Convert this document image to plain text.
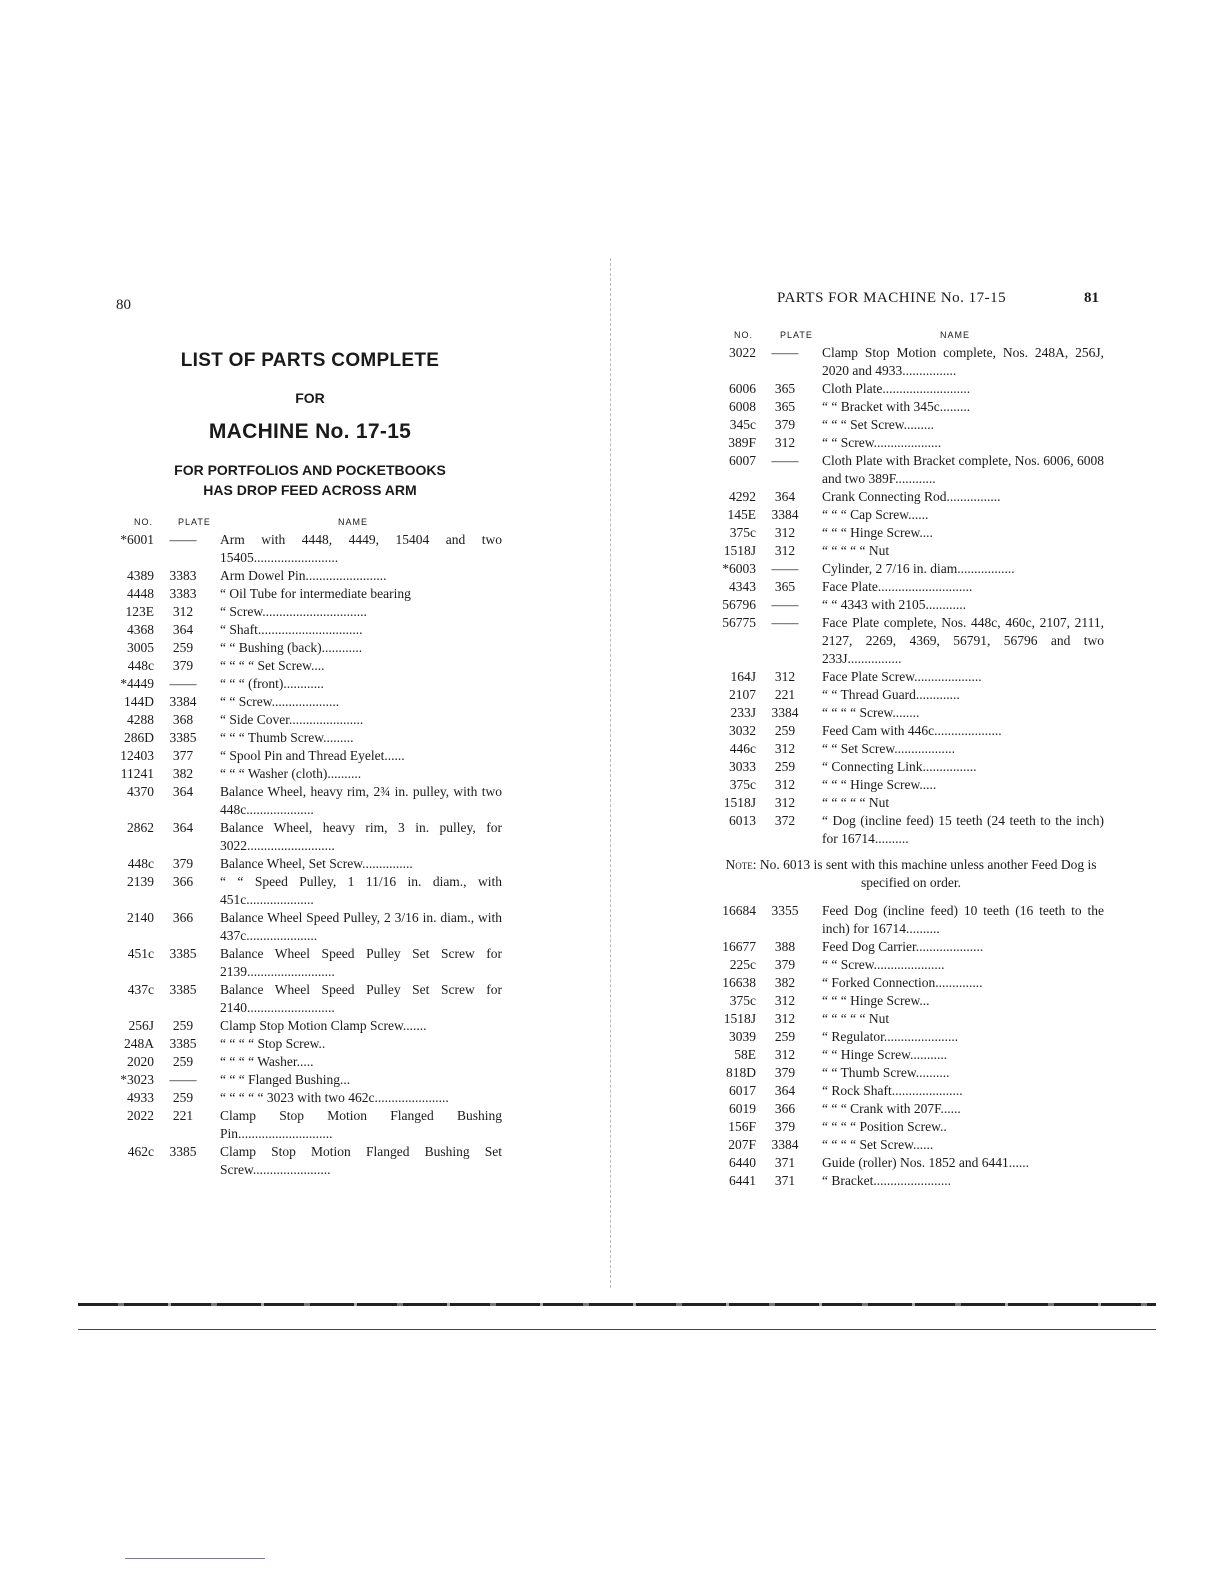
80
LIST OF PARTS COMPLETE
FOR
MACHINE No. 17-15
FOR PORTFOLIOS AND POCKETBOOKS
HAS DROP FEED ACROSS ARM
NO.	PLATE	NAME
*6001	——	Arm with 4448, 4449, 15404 and two 15405.........................
4389	3383	Arm Dowel Pin........................
4448	3383	“ Oil Tube for intermediate bearing
123E	312	“ Screw...............................
4368	364	“ Shaft...............................
3005	259	“ “ Bushing (back)............
448c	379	“ “ “ “ Set Screw....
*4449	——	“ “ “ (front)............
144D	3384	“ “ Screw....................
4288	368	“ Side Cover......................
286D	3385	“ “ “ Thumb Screw.........
12403	377	“ Spool Pin and Thread Eyelet......
11241	382	“ “ “ Washer (cloth)..........
4370	364	Balance Wheel, heavy rim, 2¾ in. pulley, with two 448c....................
2862	364	Balance Wheel, heavy rim, 3 in. pulley, for 3022..........................
448c	379	Balance Wheel, Set Screw...............
2139	366	“ “ Speed Pulley, 1 11/16 in. diam., with 451c....................
2140	366	Balance Wheel Speed Pulley, 2 3/16 in. diam., with 437c.....................
451c	3385	Balance Wheel Speed Pulley Set Screw for 2139..........................
437c	3385	Balance Wheel Speed Pulley Set Screw for 2140..........................
256J	259	Clamp Stop Motion Clamp Screw.......
248A	3385	“ “ “ “ Stop Screw..
2020	259	“ “ “ “ Washer.....
*3023	——	“ “ “ Flanged Bushing...
4933	259	“ “ “ “ “ 3023 with two 462c......................
2022	221	Clamp Stop Motion Flanged Bushing Pin............................
462c	3385	Clamp Stop Motion Flanged Bushing Set Screw.......................
PARTS FOR MACHINE No. 17-15	81
NO.	PLATE	NAME
3022	——	Clamp Stop Motion complete, Nos. 248A, 256J, 2020 and 4933................
6006	365	Cloth Plate..........................
6008	365	“ “ Bracket with 345c.........
345c	379	“ “ “ Set Screw.........
389F	312	“ “ Screw....................
6007	——	Cloth Plate with Bracket complete, Nos. 6006, 6008 and two 389F............
4292	364	Crank Connecting Rod................
145E	3384	“ “ “ Cap Screw......
375c	312	“ “ “ Hinge Screw....
1518J	312	“ “ “ “ “ Nut
*6003	——	Cylinder, 2 7/16 in. diam.................
4343	365	Face Plate............................
56796	——	“ “ 4343 with 2105............
56775	——	Face Plate complete, Nos. 448c, 460c, 2107, 2111, 2127, 2269, 4369, 56791, 56796 and two 233J................
164J	312	Face Plate Screw....................
2107	221	“ “ Thread Guard.............
233J	3384	“ “ “ “ Screw........
3032	259	Feed Cam with 446c....................
446c	312	“ “ Set Screw..................
3033	259	“ Connecting Link................
375c	312	“ “ “ Hinge Screw.....
1518J	312	“ “ “ “ “ Nut
6013	372	“ Dog (incline feed) 15 teeth (24 teeth to the inch) for 16714..........
Note: No. 6013 is sent with this machine unless another Feed Dog is specified on order.
16684	3355	Feed Dog (incline feed) 10 teeth (16 teeth to the inch) for 16714..........
16677	388	Feed Dog Carrier....................
225c	379	“ “ Screw.....................
16638	382	“ Forked Connection..............
375c	312	“ “ “ Hinge Screw...
1518J	312	“ “ “ “ “ Nut
3039	259	“ Regulator......................
58E	312	“ “ Hinge Screw...........
818D	379	“ “ Thumb Screw..........
6017	364	“ Rock Shaft.....................
6019	366	“ “ “ Crank with 207F......
156F	379	“ “ “ “ Position Screw..
207F	3384	“ “ “ “ Set Screw......
6440	371	Guide (roller) Nos. 1852 and 6441......
6441	371	“ Bracket.......................
